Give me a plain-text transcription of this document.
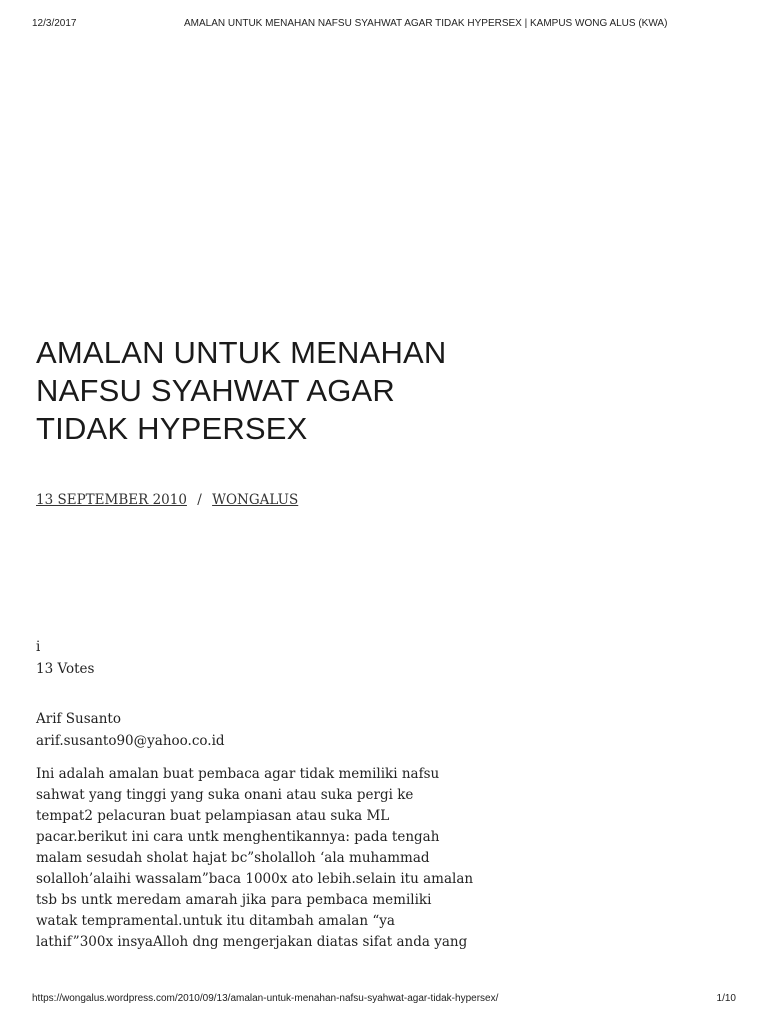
12/3/2017	AMALAN UNTUK MENAHAN NAFSU SYAHWAT AGAR TIDAK HYPERSEX | KAMPUS WONG ALUS (KWA)
AMALAN UNTUK MENAHAN
NAFSU SYAHWAT AGAR
TIDAK HYPERSEX
13 SEPTEMBER 2010 / WONGALUS
i
13 Votes
Arif Susanto
arif.susanto90@yahoo.co.id

Ini adalah amalan buat pembaca agar tidak memiliki nafsu
sahwat yang tinggi yang suka onani atau suka pergi ke
tempat2 pelacuran buat pelampiasan atau suka ML
pacar.berikut ini cara untk menghentikannya: pada tengah
malam sesudah sholat hajat bc”sholalloh ‘ala muhammad
solalloh’alaihi wassalam”baca 1000x ato lebih.selain itu amalan
tsb bs untk meredam amarah jika para pembaca memiliki
watak tempramental.untuk itu ditambah amalan “ya
lathif”300x insyaAlloh dng mengerjakan diatas sifat anda yang

https://wongalus.wordpress.com/2010/09/13/amalan-untuk-menahan-nafsu-syahwat-agar-tidak-hypersex/	1/10
